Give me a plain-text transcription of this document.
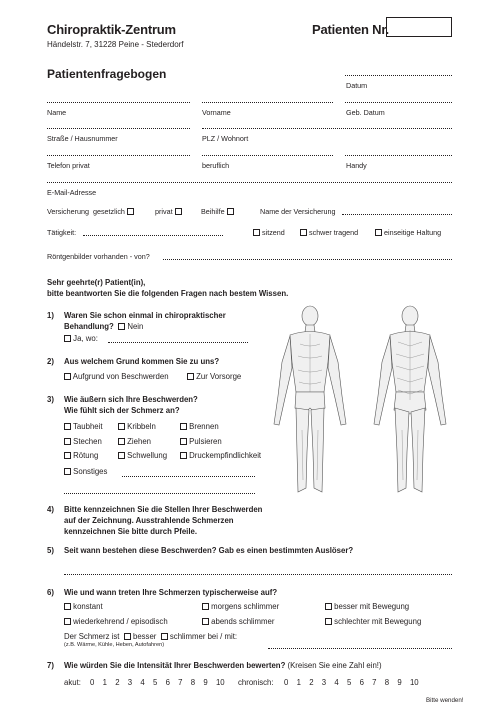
Chiropraktik-Zentrum
Händelstr. 7, 31228 Peine - Stederdorf
Patienten Nr.
Patientenfragebogen
Datum
Name	Vorname	Geb. Datum
Straße / Hausnummer	PLZ / Wohnort
Telefon privat	beruflich	Handy
E-Mail-Adresse
Versicherung gesetzlich	privat	Beihilfe	Name der Versicherung
Tätigkeit:	sitzend	schwer tragend	einseitige Haltung
Röntgenbilder vorhanden - von?
Sehr geehrte(r) Patient(in),
bitte beantworten Sie die folgenden Fragen nach bestem Wissen.
1) Waren Sie schon einmal in chiropraktischer
Behandlung? Nein
Ja, wo:
2) Aus welchem Grund kommen Sie zu uns?
Aufgrund von Beschwerden	Zur Vorsorge
3) Wie äußern sich Ihre Beschwerden?
Wie fühlt sich der Schmerz an?
Taubheit	Kribbeln	Brennen
Stechen	Ziehen	Pulsieren
Rötung	Schwellung	Druckempfindlichkeit
Sonstiges
4) Bitte kennzeichnen Sie die Stellen Ihrer Beschwerden
auf der Zeichnung. Ausstrahlende Schmerzen
kennzeichnen Sie bitte durch Pfeile.
5) Seit wann bestehen diese Beschwerden? Gab es einen bestimmten Auslöser?
6) Wie und wann treten Ihre Schmerzen typischerweise auf?
konstant	morgens schlimmer	besser mit Bewegung
wiederkehrend / episodisch	abends schlimmer	schlechter mit Bewegung
Der Schmerz ist besser schlimmer bei / mit:
(z.B. Wärme, Kühle, Heben, Autofahren)
7) Wie würden Sie die Intensität Ihrer Beschwerden bewerten? (Kreisen Sie eine Zahl ein!)
akut: 0 1 2 3 4 5 6 7 8 9 10	chronisch: 0 1 2 3 4 5 6 7 8 9 10
Bitte wenden!
